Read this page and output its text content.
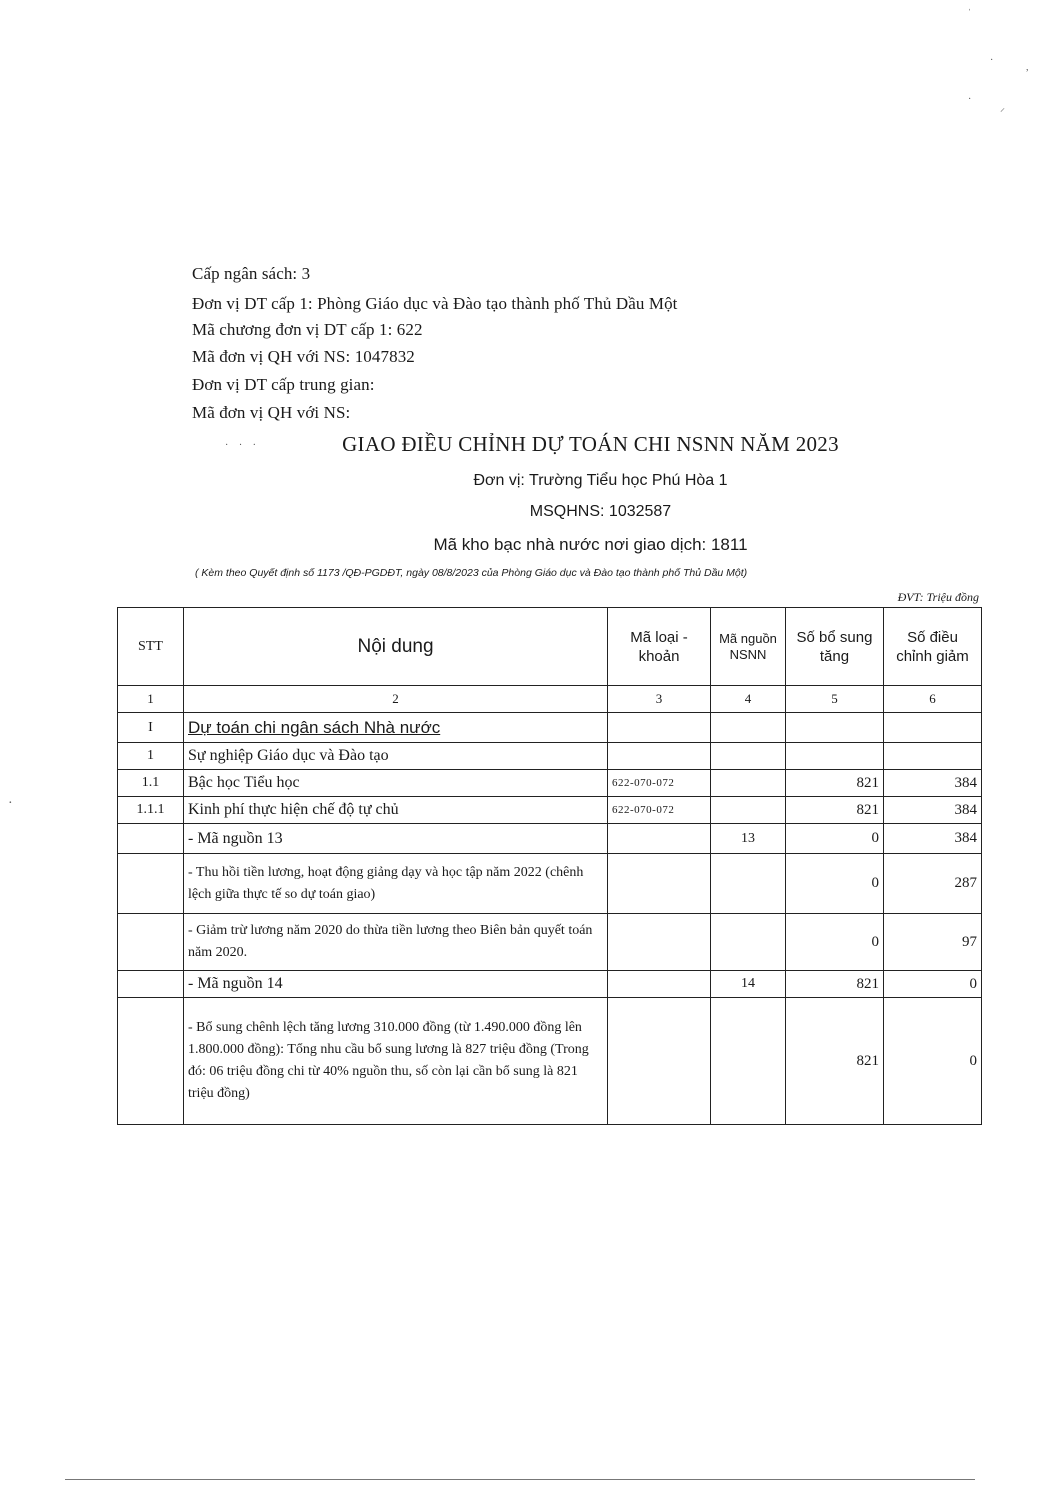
Cấp ngân sách: 3
Đơn vị DT cấp 1: Phòng Giáo dục và Đào tạo thành phố Thủ Dầu Một
Mã chương đơn vị DT cấp 1: 622
Mã đơn vị QH với NS: 1047832
Đơn vị DT cấp trung gian:
Mã đơn vị QH với NS:
GIAO ĐIỀU CHỈNH DỰ TOÁN CHI NSNN NĂM 2023
Đơn vị: Trường Tiểu học Phú Hòa 1
MSQHNS: 1032587
Mã kho bạc nhà nước nơi giao dịch: 1811
( Kèm theo Quyết định số 1173 /QĐ-PGDĐT, ngày 08/8/2023 của Phòng Giáo dục và Đào tạo thành phố Thủ Dầu Một)
ĐVT: Triệu đồng
STT	Nội dung	Mã loại - khoản	Mã nguồn NSNN	Số bổ sung tăng	Số điều chỉnh giảm
1	2	3	4	5	6
I	Dự toán chi ngân sách Nhà nước				
1	Sự nghiệp Giáo dục và Đào tạo				
1.1	Bậc học Tiểu học	622-070-072		821	384
1.1.1	Kinh phí thực hiện chế độ tự chủ	622-070-072		821	384
	- Mã nguồn 13		13	0	384
	- Thu hồi tiền lương, hoạt động giảng dạy và học tập năm 2022 (chênh lệch giữa thực tế so dự toán giao)			0	287
	- Giảm trừ lương năm 2020 do thừa tiền lương theo Biên bản quyết toán năm 2020.			0	97
	- Mã nguồn 14		14	821	0
	- Bổ sung chênh lệch tăng lương 310.000 đồng (từ 1.490.000 đồng lên 1.800.000 đồng): Tổng nhu cầu bổ sung lương là 827 triệu đồng (Trong đó: 06 triệu đồng chi từ 40% nguồn thu, số còn lại cần bổ sung là 821 triệu đồng)			821	0
ˈ
·
,
·
⸝
·
· · ·
